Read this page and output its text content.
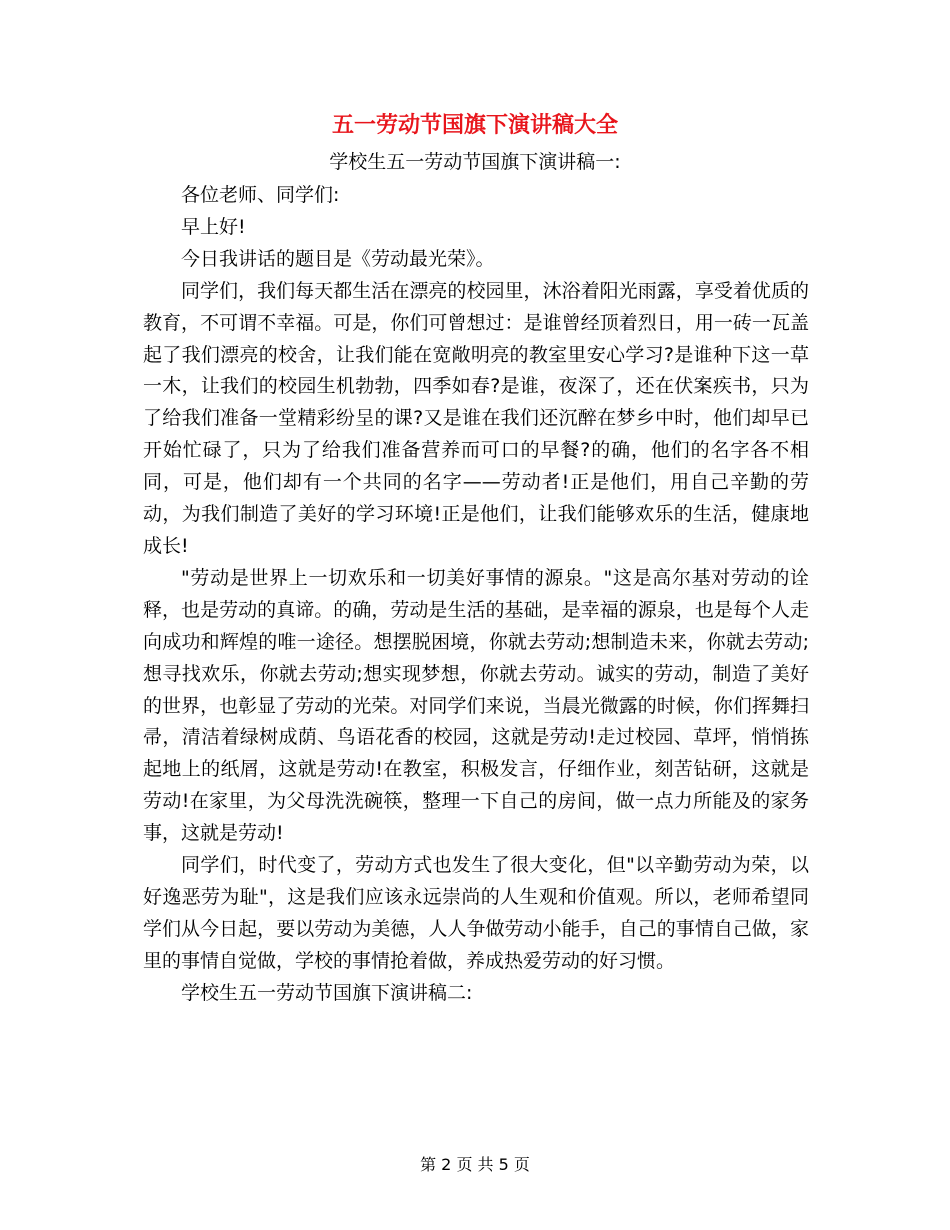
五一劳动节国旗下演讲稿大全
学校生五一劳动节国旗下演讲稿一:

各位老师、同学们:

早上好!

今日我讲话的题目是《劳动最光荣》。

同学们，我们每天都生活在漂亮的校园里，沐浴着阳光雨露，享受着优质的教育，不可谓不幸福。可是，你们可曾想过：是谁曾经顶着烈日，用一砖一瓦盖起了我们漂亮的校舍，让我们能在宽敞明亮的教室里安心学习?是谁种下这一草一木，让我们的校园生机勃勃，四季如春?是谁，夜深了，还在伏案疾书，只为了给我们准备一堂精彩纷呈的课?又是谁在我们还沉醉在梦乡中时，他们却早已开始忙碌了，只为了给我们准备营养而可口的早餐?的确，他们的名字各不相同，可是，他们却有一个共同的名字——劳动者!正是他们，用自己辛勤的劳动，为我们制造了美好的学习环境!正是他们，让我们能够欢乐的生活，健康地成长!

"劳动是世界上一切欢乐和一切美好事情的源泉。"这是高尔基对劳动的诠释，也是劳动的真谛。的确，劳动是生活的基础，是幸福的源泉，也是每个人走向成功和辉煌的唯一途径。想摆脱困境，你就去劳动;想制造未来，你就去劳动;想寻找欢乐，你就去劳动;想实现梦想，你就去劳动。诚实的劳动，制造了美好的世界，也彰显了劳动的光荣。对同学们来说，当晨光微露的时候，你们挥舞扫帚，清洁着绿树成荫、鸟语花香的校园，这就是劳动!走过校园、草坪，悄悄拣起地上的纸屑，这就是劳动!在教室，积极发言，仔细作业，刻苦钻研，这就是劳动!在家里，为父母洗洗碗筷，整理一下自己的房间，做一点力所能及的家务事，这就是劳动!

同学们，时代变了，劳动方式也发生了很大变化，但"以辛勤劳动为荣，以好逸恶劳为耻"，这是我们应该永远崇尚的人生观和价值观。所以，老师希望同学们从今日起，要以劳动为美德，人人争做劳动小能手，自己的事情自己做，家里的事情自觉做，学校的事情抢着做，养成热爱劳动的好习惯。

学校生五一劳动节国旗下演讲稿二:

第 2 页 共 5 页
